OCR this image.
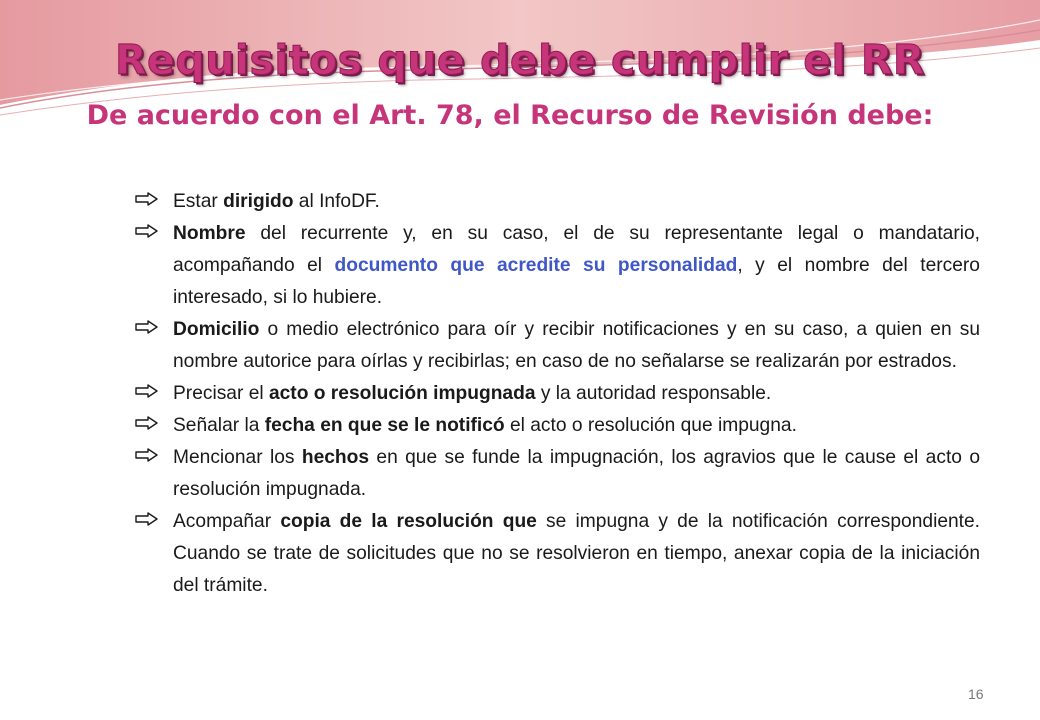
Requisitos que debe cumplir el RR
De acuerdo con el Art. 78, el Recurso de Revisión debe:

Estar dirigido al InfoDF.

Nombre del recurrente y, en su caso, el de su representante legal o mandatario, acompañando el documento que acredite su personalidad, y el nombre del tercero interesado, si lo hubiere.

Domicilio o medio electrónico para oír y recibir notificaciones y en su caso, a quien en su nombre autorice para oírlas y recibirlas; en caso de no señalarse se realizarán por estrados.

Precisar el acto o resolución impugnada y la autoridad responsable.

Señalar la fecha en que se le notificó el acto o resolución que impugna.

Mencionar los hechos en que se funde la impugnación, los agravios que le cause el acto o resolución impugnada.

Acompañar copia de la resolución que se impugna y de la notificación correspondiente. Cuando se trate de solicitudes que no se resolvieron en tiempo, anexar copia de la iniciación del trámite.

16
